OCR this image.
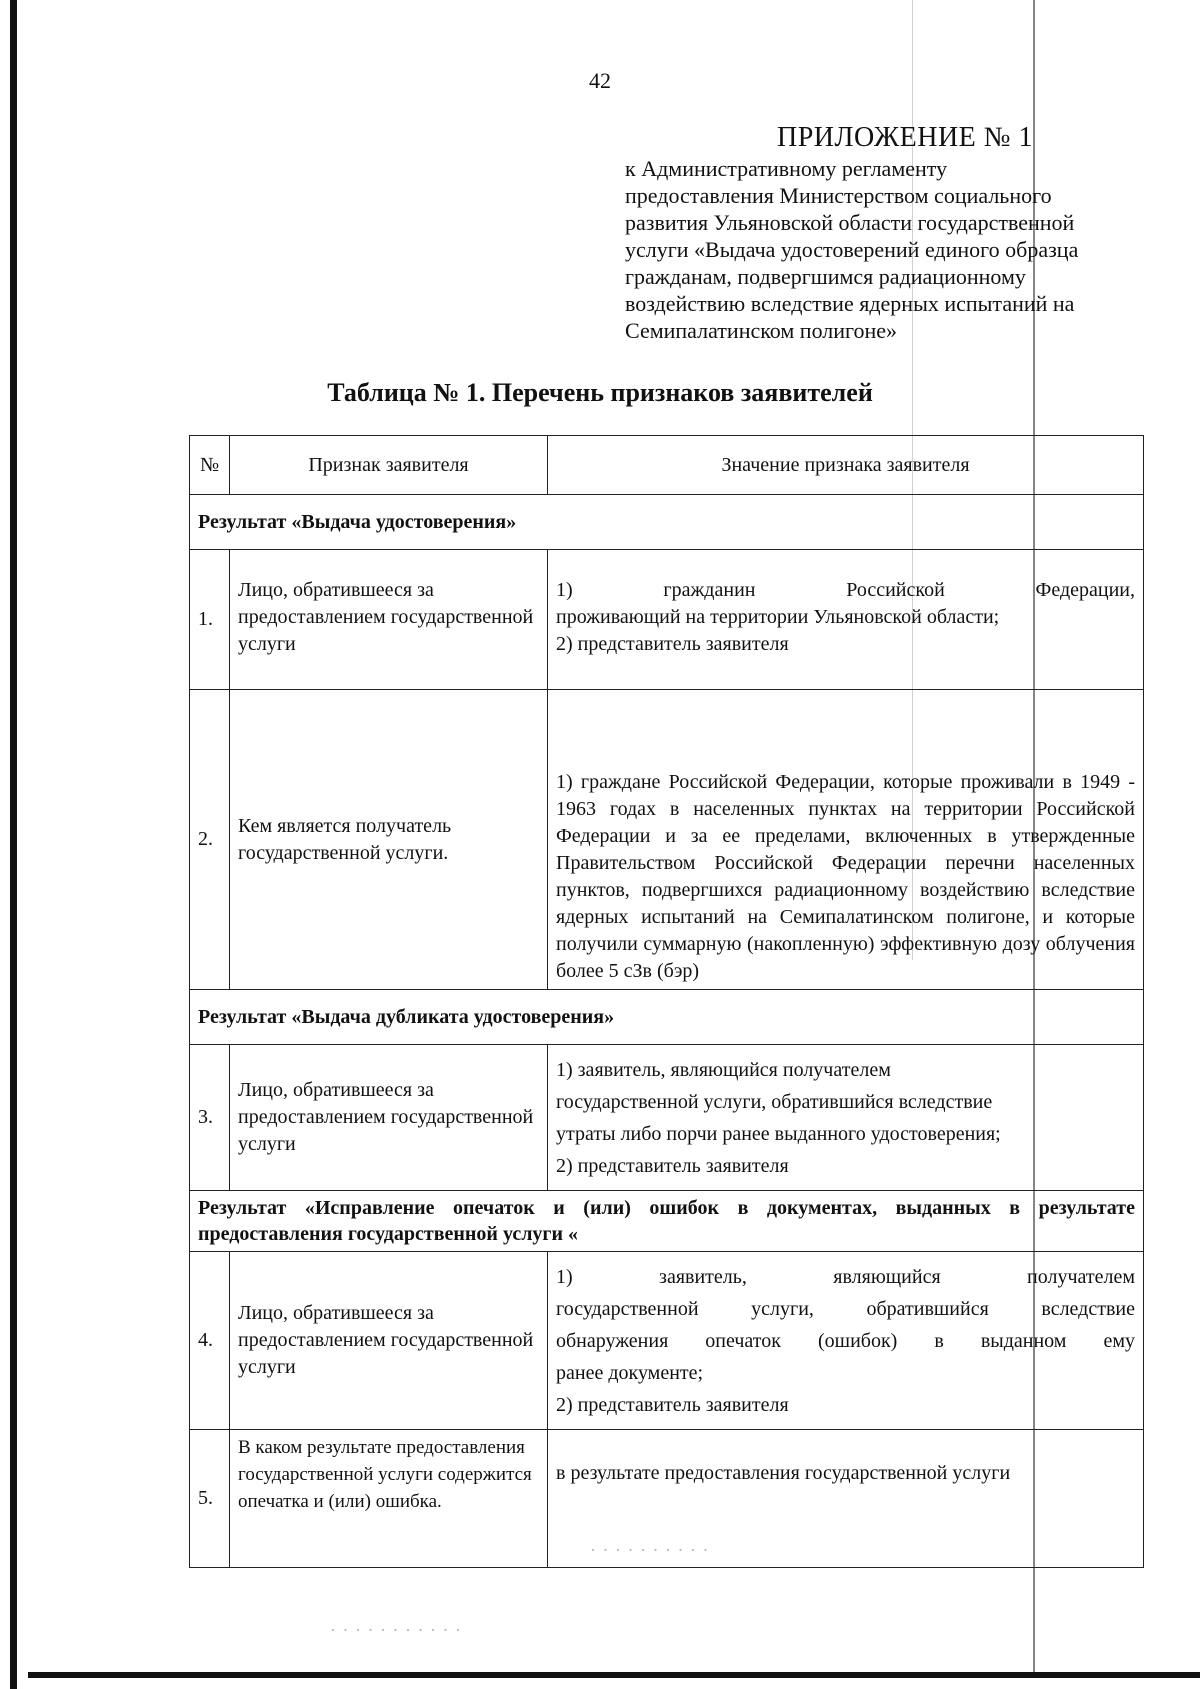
42
ПРИЛОЖЕНИЕ № 1
к Административному регламенту
предоставления Министерством социального
развития Ульяновской области государственной
услуги «Выдача удостоверений единого образца
гражданам, подвергшимся радиационному
воздействию вследствие ядерных испытаний на
Семипалатинском полигоне»
Таблица № 1. Перечень признаков заявителей
№	Признак заявителя	Значение признака заявителя
Результат «Выдача удостоверения»		
1.	Лицо, обратившееся за предоставлением государственной услуги	1) гражданин Российской Федерации,
проживающий на территории Ульяновской области;
2) представитель заявителя

2.	Кем является получатель государственной услуги.	1) граждане Российской Федерации, которые проживали в 1949 - 1963 годах в населенных пунктах на территории Российской Федерации и за ее пределами, включенных в утвержденные Правительством Российской Федерации перечни населенных пунктов, подвергшихся радиационному воздействию вследствие ядерных испытаний на Семипалатинском полигоне, и которые получили суммарную (накопленную) эффективную дозу облучения более 5 сЗв (бэр)
Результат «Выдача дубликата удостоверения»		
3.	Лицо, обратившееся за предоставлением государственной услуги	1) заявитель, являющийся получателем
государственной услуги, обратившийся вследствие
утраты либо порчи ранее выданного удостоверения;
2) представитель заявителя

Результат «Исправление опечаток и (или) ошибок в документах, выданных в результате предоставления государственной услуги «		
4.	Лицо, обратившееся за предоставлением государственной услуги	1) заявитель, являющийся получателем
государственной услуги, обратившийся вследствие
обнаружения опечаток (ошибок) в выданном ему
ранее документе;
2) представитель заявителя

5.	В каком результате предоставления государственной услуги содержится опечатка и (или) ошибка.	в результате предоставления государственной услуги
· · · · · · · · · ·
· · · · · · · · · · ·
